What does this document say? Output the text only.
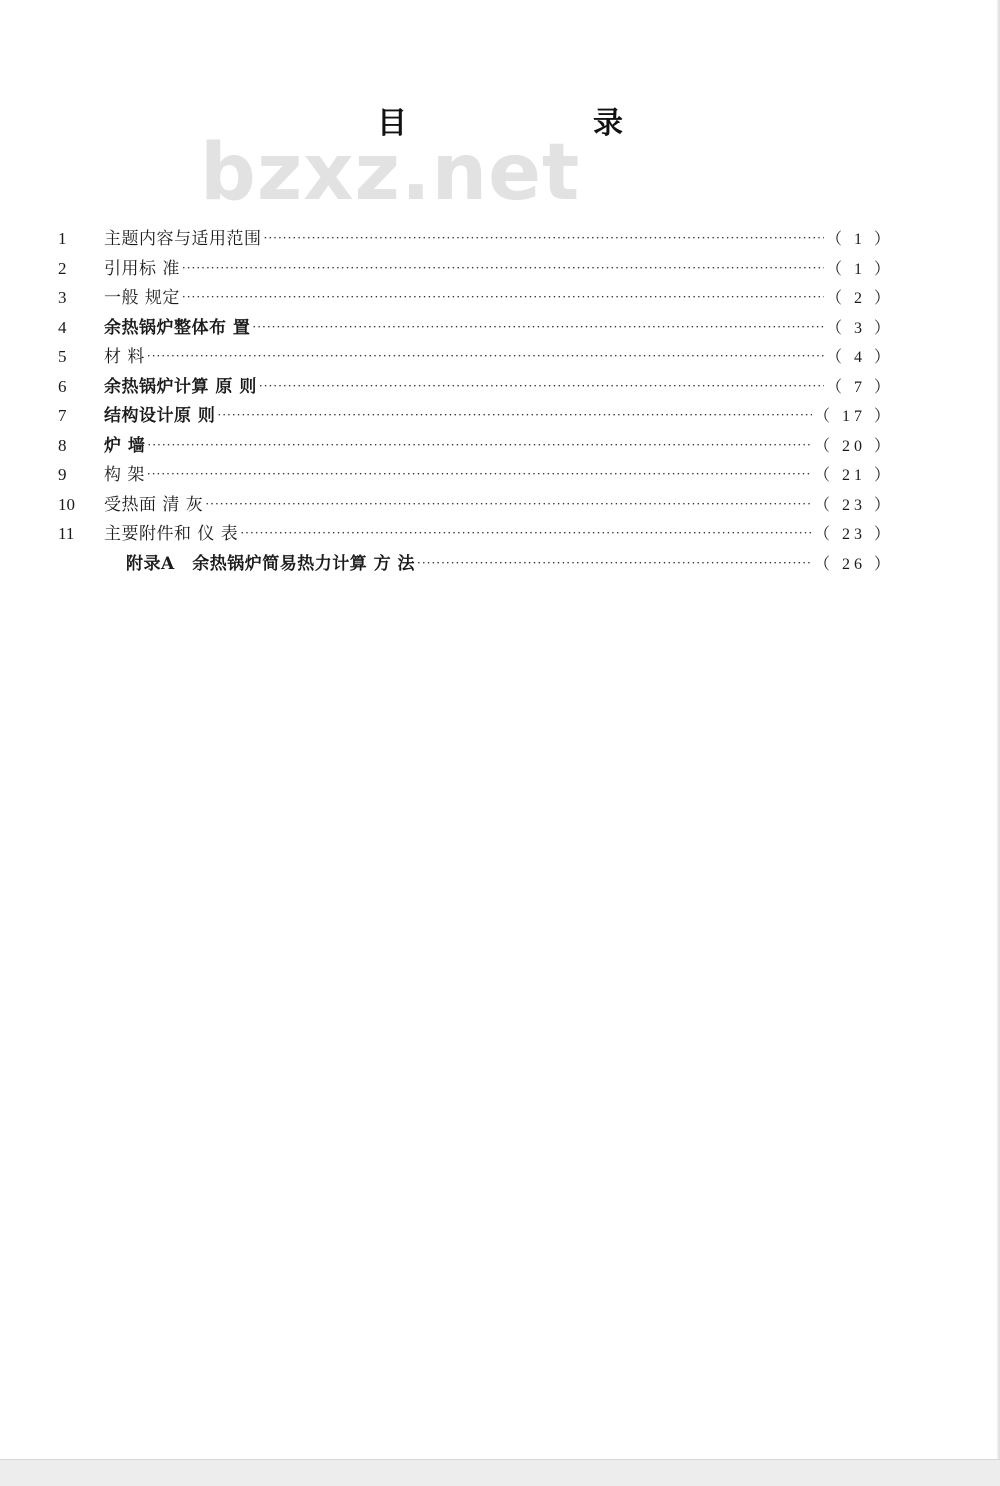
bzxz.net
目　录
1	主题内容与适用范围 ·····	（ 1 ）
2	引用标 准 ·····	（ 1 ）
3	一般 规定 ·····	（ 2 ）
4	余热锅炉整体布 置 ·····	（ 3 ）
5	材 料 ·····	（ 4 ）
6	余热锅炉计算 原 则 ·····	（ 7 ）
7	结构设计原 则 ·····	（ 17 ）
8	炉 墙 ·····	（ 20 ）
9	构 架 ·····	（ 21 ）
10	受热面 清 灰 ·····	（ 23 ）
11	主要附件和 仪 表 ·····	（ 23 ）
附录A　余热锅炉简易热力计算 方 法 ·····	（ 26 ）
